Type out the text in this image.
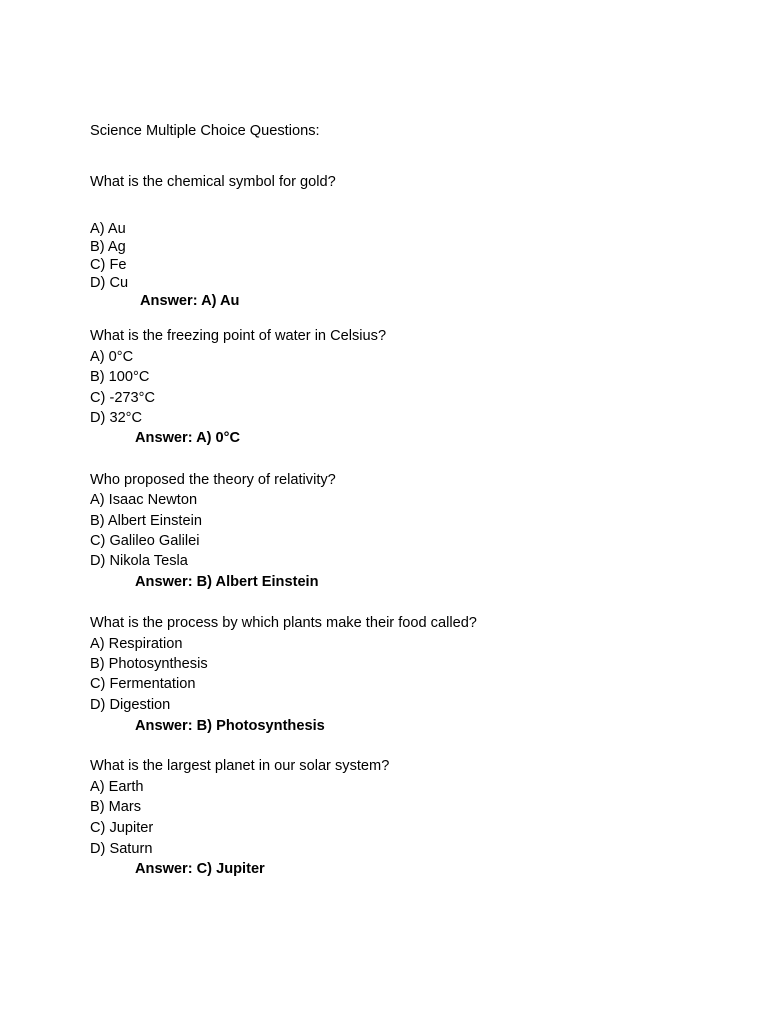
Science Multiple Choice Questions:
What is the chemical symbol for gold?
A) Au
B) Ag
C) Fe
D) Cu
Answer: A) Au
What is the freezing point of water in Celsius?
A) 0°C
B) 100°C
C) -273°C
D) 32°C
Answer: A) 0°C
Who proposed the theory of relativity?
A) Isaac Newton
B) Albert Einstein
C) Galileo Galilei
D) Nikola Tesla
Answer: B) Albert Einstein
What is the process by which plants make their food called?
A) Respiration
B) Photosynthesis
C) Fermentation
D) Digestion
Answer: B) Photosynthesis
What is the largest planet in our solar system?
A) Earth
B) Mars
C) Jupiter
D) Saturn
Answer: C) Jupiter
